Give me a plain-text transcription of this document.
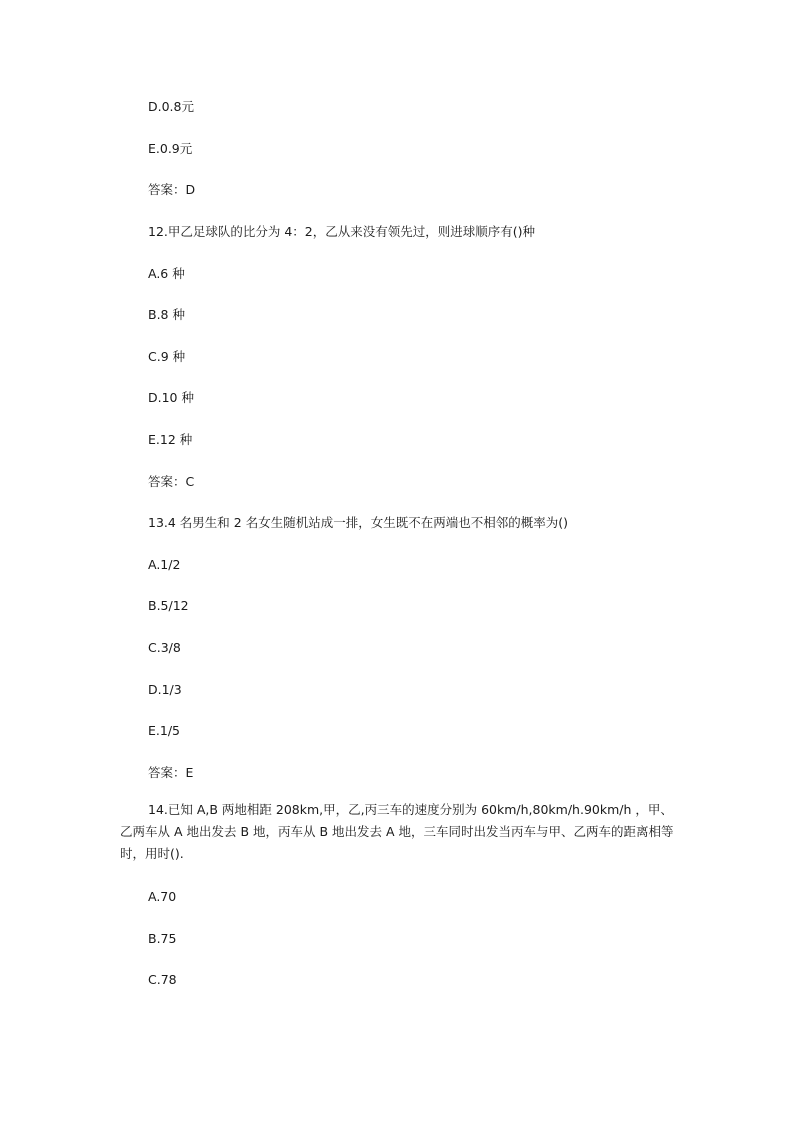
D.0.8元
E.0.9元
答案：D
12.甲乙足球队的比分为 4：2，乙从来没有领先过，则进球顺序有()种
A.6 种
B.8 种
C.9 种
D.10 种
E.12 种
答案：C
13.4 名男生和 2 名女生随机站成一排，女生既不在两端也不相邻的概率为()
A.1/2
B.5/12
C.3/8
D.1/3
E.1/5
答案：E
14.已知 A,B 两地相距 208km,甲，乙,丙三车的速度分别为 60km/h,80km/h.90km/h ，甲、乙两车从 A 地出发去 B 地，丙车从 B 地出发去 A 地，三车同时出发当丙车与甲、乙两车的距离相等时，用时().
A.70
B.75
C.78
